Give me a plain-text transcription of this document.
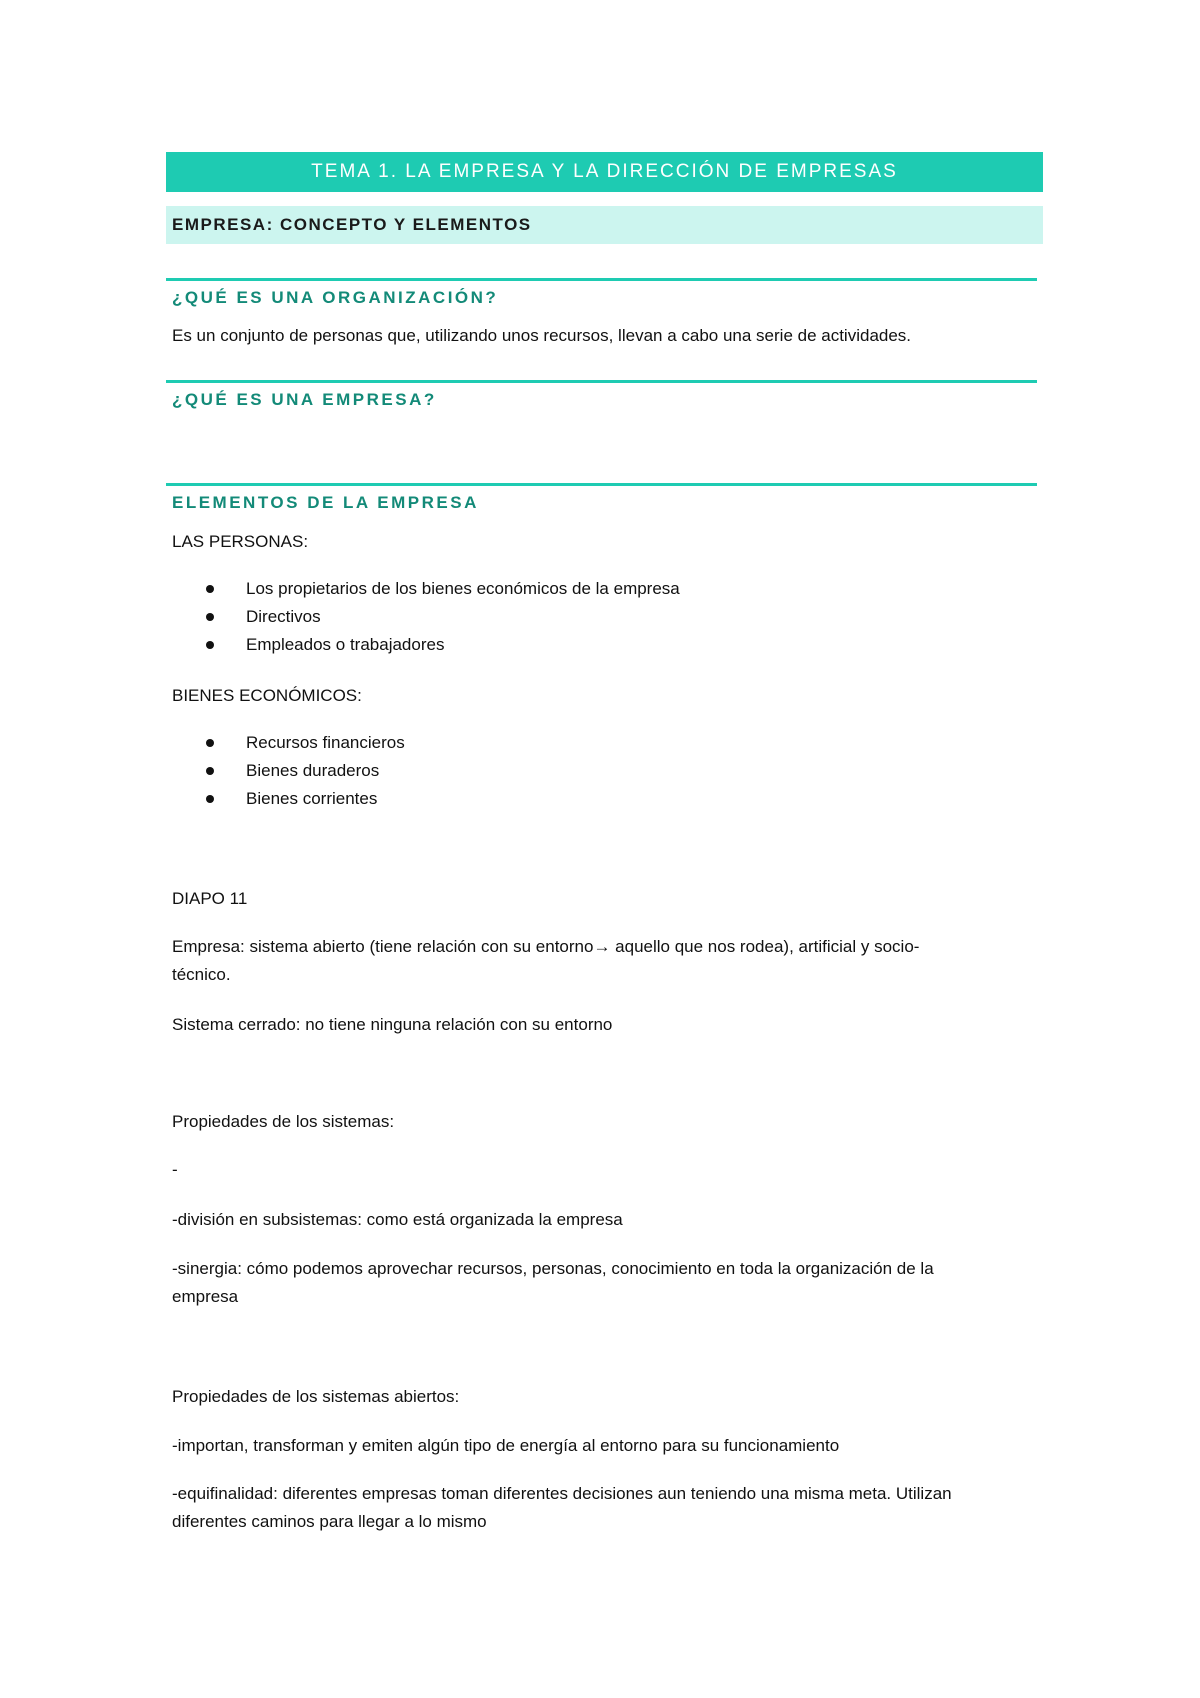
TEMA 1. LA EMPRESA Y LA DIRECCIÓN DE EMPRESAS
EMPRESA: CONCEPTO Y ELEMENTOS
¿QUÉ ES UNA ORGANIZACIÓN?
Es un conjunto de personas que, utilizando unos recursos, llevan a cabo una serie de actividades.
¿QUÉ ES UNA EMPRESA?
ELEMENTOS DE LA EMPRESA
LAS PERSONAS:
Los propietarios de los bienes económicos de la empresa
Directivos
Empleados o trabajadores
BIENES ECONÓMICOS:
Recursos financieros
Bienes duraderos
Bienes corrientes
DIAPO 11
Empresa: sistema abierto (tiene relación con su entorno→ aquello que nos rodea), artificial y socio-
técnico.
Sistema cerrado: no tiene ninguna relación con su entorno
Propiedades de los sistemas:
-
-división en subsistemas: como está organizada la empresa
-sinergia: cómo podemos aprovechar recursos, personas, conocimiento en toda la organización de la
empresa
Propiedades de los sistemas abiertos:
-importan, transforman y emiten algún tipo de energía al entorno para su funcionamiento
-equifinalidad: diferentes empresas toman diferentes decisiones aun teniendo una misma meta. Utilizan
diferentes caminos para llegar a lo mismo
